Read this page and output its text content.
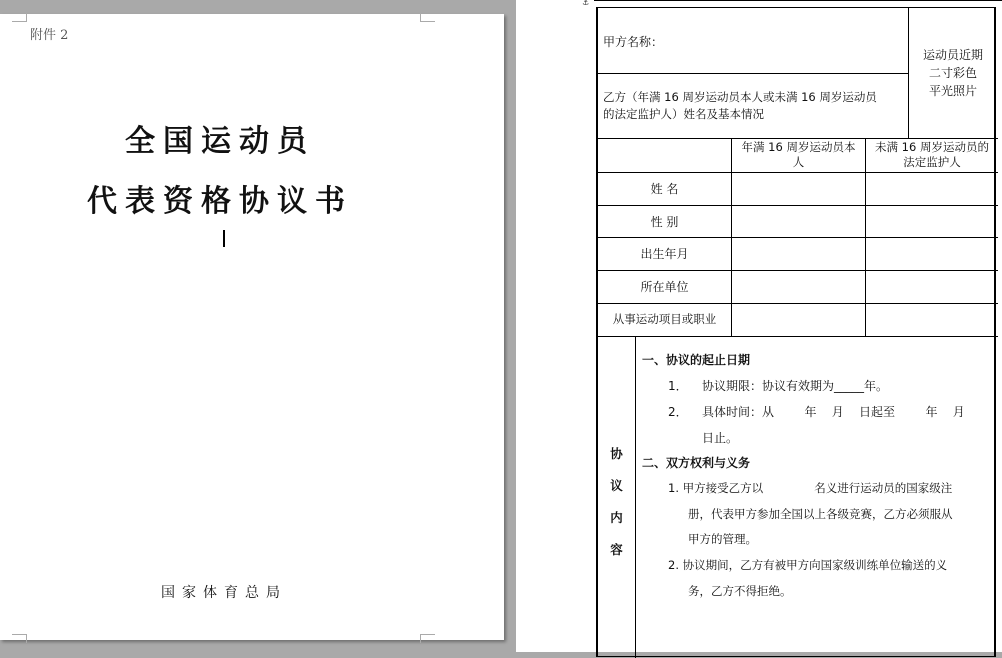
附件 2
全国运动员
代表资格协议书
国家体育总局
⚓
甲方名称：
运动员近期
二寸彩色
平光照片
乙方（年满 16 周岁运动员本人或未满 16 周岁运动员
的法定监护人）姓名及基本情况
年满 16 周岁运动员本
人
未满 16 周岁运动员的
法定监护人
姓 名
性 别
出生年月
所在单位
从事运动项目或职业
协
议
内
容
一、协议的起止日期
1． 协议期限：协议有效期为_____年。
2． 具体时间：从        年    月    日起至        年    月
日止。
二、双方权利与义务
1. 甲方接受乙方以              名义进行运动员的国家级注
册，代表甲方参加全国以上各级竞赛，乙方必须服从
甲方的管理。
2. 协议期间，乙方有被甲方向国家级训练单位输送的义
务，乙方不得拒绝。
